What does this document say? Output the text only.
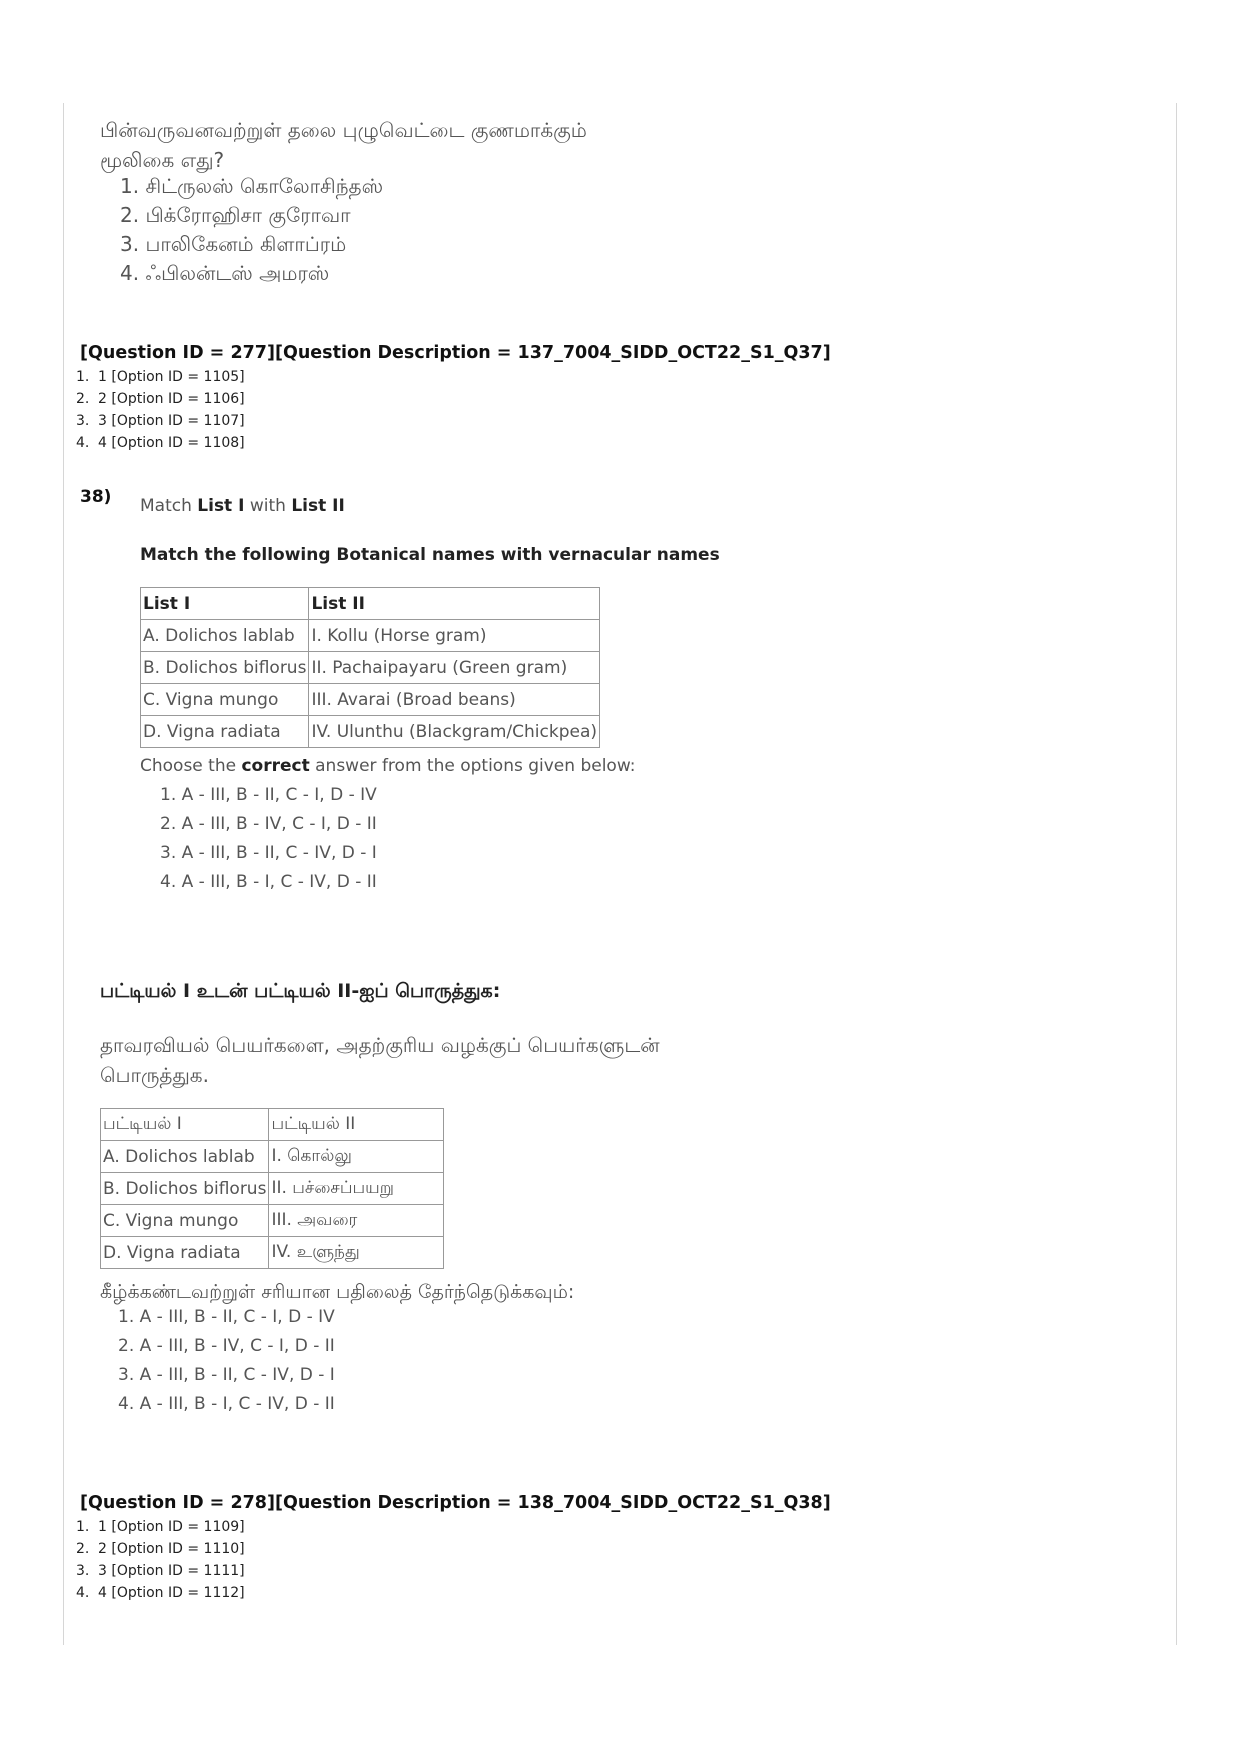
பின்வருவனவற்றுள் தலை புழுவெட்டை குணமாக்கும்
மூலிகை எது?
1. சிட்ருலஸ் கொலோசிந்தஸ்
2. பிக்ரோஹிசா குரோவா
3. பாலிகேனம் கிளாப்ரம்
4. ஃபிலன்டஸ் அமரஸ்
[Question ID = 277][Question Description = 137_7004_SIDD_OCT22_S1_Q37]
1. 1 [Option ID = 1105]
2. 2 [Option ID = 1106]
3. 3 [Option ID = 1107]
4. 4 [Option ID = 1108]
38) Match List I with List II
Match the following Botanical names with vernacular names
List I	List II
A. Dolichos lablab	I. Kollu (Horse gram)
B. Dolichos biflorus	II. Pachaipayaru (Green gram)
C. Vigna mungo	III. Avarai (Broad beans)
D. Vigna radiata	IV. Ulunthu (Blackgram/Chickpea)
Choose the correct answer from the options given below:
1. A - III, B - II, C - I, D - IV
2. A - III, B - IV, C - I, D - II
3. A - III, B - II, C - IV, D - I
4. A - III, B - I, C - IV, D - II
பட்டியல் I உடன் பட்டியல் II-ஐப் பொருத்துக:
தாவரவியல் பெயர்களை, அதற்குரிய வழக்குப் பெயர்களுடன்
பொருத்துக.
பட்டியல் I	பட்டியல் II
A. Dolichos lablab	I. கொல்லு
B. Dolichos biflorus	II. பச்சைப்பயறு
C. Vigna mungo	III. அவரை
D. Vigna radiata	IV. உளுந்து
கீழ்க்கண்டவற்றுள் சரியான பதிலைத் தேர்ந்தெடுக்கவும்:
1. A - III, B - II, C - I, D - IV
2. A - III, B - IV, C - I, D - II
3. A - III, B - II, C - IV, D - I
4. A - III, B - I, C - IV, D - II
[Question ID = 278][Question Description = 138_7004_SIDD_OCT22_S1_Q38]
1. 1 [Option ID = 1109]
2. 2 [Option ID = 1110]
3. 3 [Option ID = 1111]
4. 4 [Option ID = 1112]
